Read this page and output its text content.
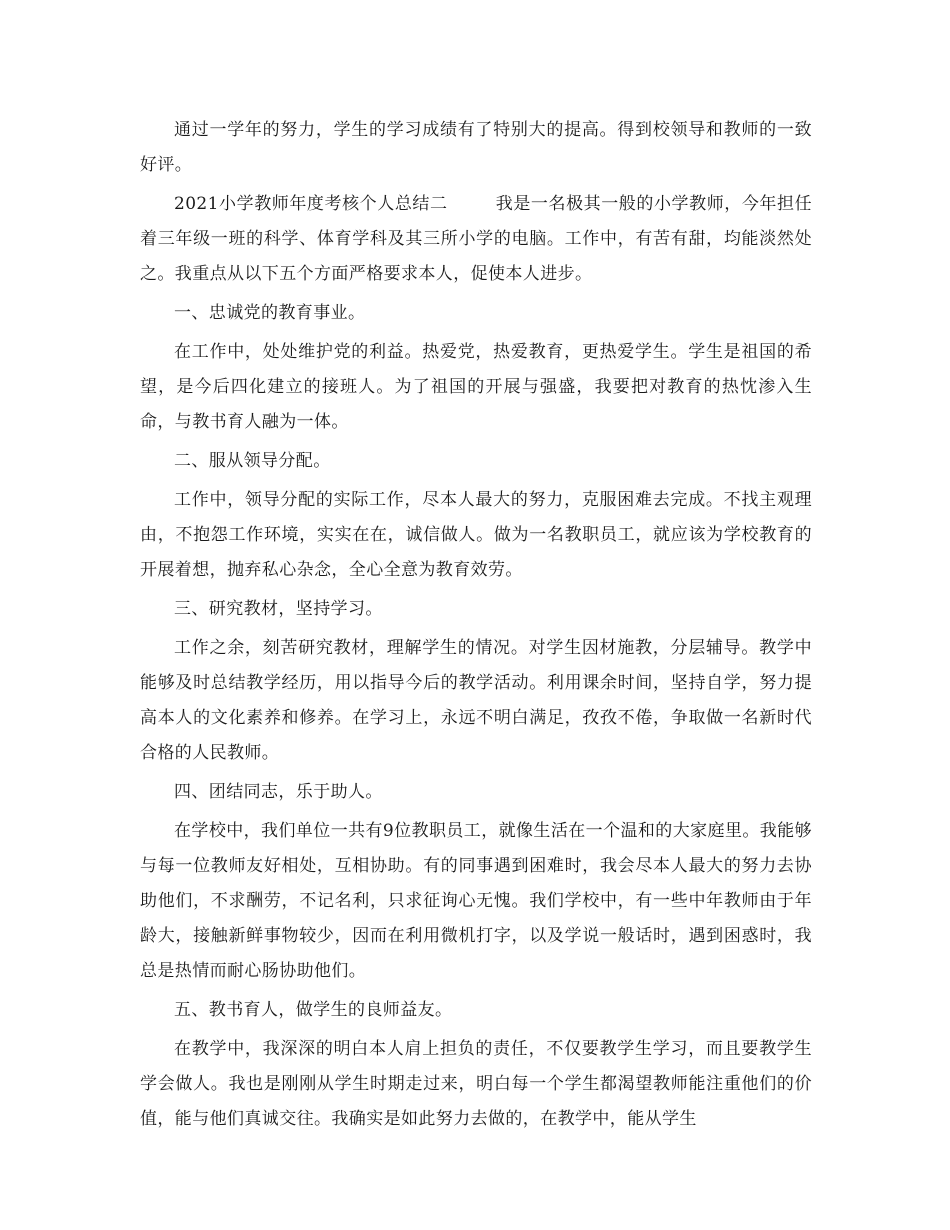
通过一学年的努力，学生的学习成绩有了特别大的提高。得到校领导和教师的一致好评。

2021小学教师年度考核个人总结二	我是一名极其一般的小学教师，今年担任着三年级一班的科学、体育学科及其三所小学的电脑。工作中，有苦有甜，均能淡然处之。我重点从以下五个方面严格要求本人，促使本人进步。

一、忠诚党的教育事业。

在工作中，处处维护党的利益。热爱党，热爱教育，更热爱学生。学生是祖国的希望，是今后四化建立的接班人。为了祖国的开展与强盛，我要把对教育的热忱渗入生命，与教书育人融为一体。

二、服从领导分配。

工作中，领导分配的实际工作，尽本人最大的努力，克服困难去完成。不找主观理由，不抱怨工作环境，实实在在，诚信做人。做为一名教职员工，就应该为学校教育的开展着想，抛弃私心杂念，全心全意为教育效劳。

三、研究教材，坚持学习。

工作之余，刻苦研究教材，理解学生的情况。对学生因材施教，分层辅导。教学中能够及时总结教学经历，用以指导今后的教学活动。利用课余时间，坚持自学，努力提高本人的文化素养和修养。在学习上，永远不明白满足，孜孜不倦，争取做一名新时代合格的人民教师。

四、团结同志，乐于助人。

在学校中，我们单位一共有9位教职员工，就像生活在一个温和的大家庭里。我能够与每一位教师友好相处，互相协助。有的同事遇到困难时，我会尽本人最大的努力去协助他们，不求酬劳，不记名利，只求征询心无愧。我们学校中，有一些中年教师由于年龄大，接触新鲜事物较少，因而在利用微机打字，以及学说一般话时，遇到困惑时，我总是热情而耐心肠协助他们。

五、教书育人，做学生的良师益友。

在教学中，我深深的明白本人肩上担负的责任，不仅要教学生学习，而且要教学生学会做人。我也是刚刚从学生时期走过来，明白每一个学生都渴望教师能注重他们的价值，能与他们真诚交往。我确实是如此努力去做的，在教学中，能从学生
